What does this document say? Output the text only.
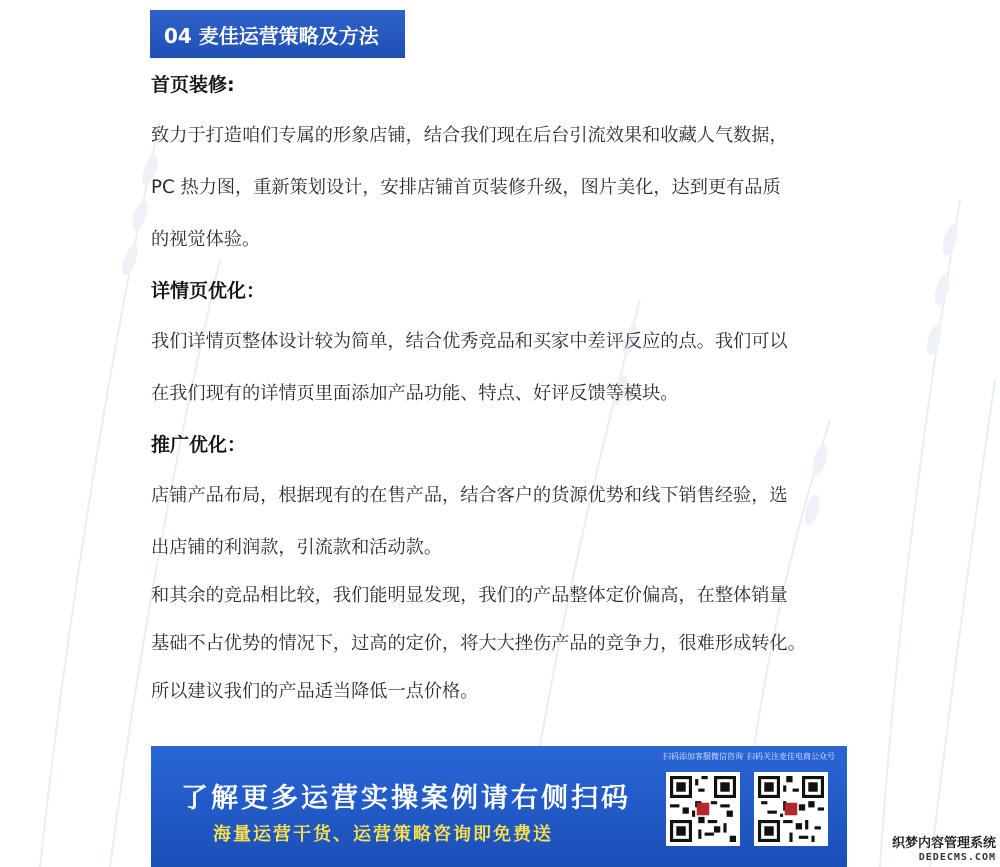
04 麦佳运营策略及方法
首页装修:
致力于打造咱们专属的形象店铺，结合我们现在后台引流效果和收藏人气数据，
PC 热力图，重新策划设计，安排店铺首页装修升级，图片美化，达到更有品质
的视觉体验。
详情页优化：
我们详情页整体设计较为简单，结合优秀竞品和买家中差评反应的点。我们可以
在我们现有的详情页里面添加产品功能、特点、好评反馈等模块。
推广优化：
店铺产品布局，根据现有的在售产品，结合客户的货源优势和线下销售经验，选
出店铺的利润款，引流款和活动款。
和其余的竞品相比较，我们能明显发现，我们的产品整体定价偏高，在整体销量
基础不占优势的情况下，过高的定价，将大大挫伤产品的竞争力，很难形成转化。
所以建议我们的产品适当降低一点价格。
了解更多运营实操案例请右侧扫码
海量运营干货、运营策略咨询即免费送
扫码添加客服微信咨询 扫码关注麦佳电商公众号
织梦内容管理系统
DEDECMS.COM
